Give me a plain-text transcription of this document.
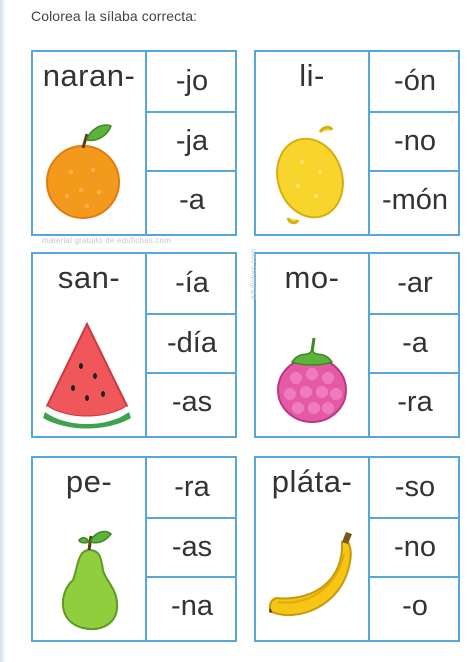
Colorea la sílaba correcta:
naran-	-jo
-ja
-a
li-	-ón
-no
-món
material gratuito de edufichas.com
san-	-ía
-día
-as
mo-	-ar
-a
-ra
edufichas.com
pe-	-ra
-as
-na
pláta-	-so
-no
-o
